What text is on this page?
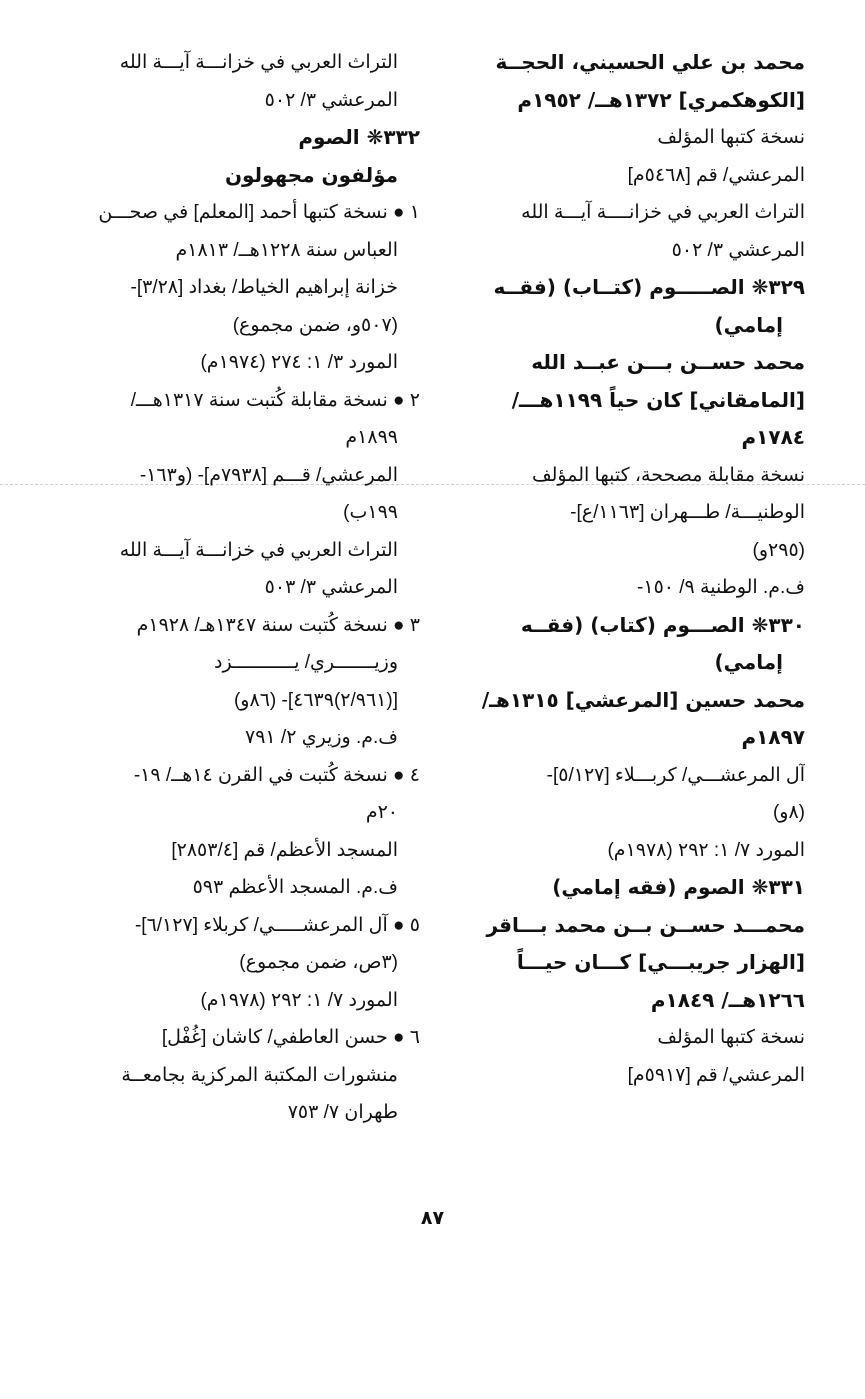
محمد بن علي الحسيني، الحجــة
[الكوهكمري] ١٣٧٢هــ/ ١٩٥٢م
نسخة كتبها المؤلف
المرعشي/ قم [٥٤٦٨م]
التراث العربي في خزانــــة آيـــة الله
المرعشي ٣/ ٥٠٢
٣٢٩❋ الصـــــوم (كتــاب) (فقــه
إمامي)
محمد حســن بـــن عبــد الله
[المامقاني] كان حياً ١١٩٩هـــ/
١٧٨٤م
نسخة مقابلة مصححة، كتبها المؤلف
الوطنيـــة/ طـــهران [١١٦٣/ع]-
(٢٩٥و)
ف.م. الوطنية ٩/ ١٥٠-
٣٣٠❋ الصـــوم (كتاب) (فقــه
إمامي)
محمد حسين [المرعشي] ١٣١٥هـ/
١٨٩٧م
آل المرعشـــي/ كربـــلاء [٥/١٢٧]-
(٨و)
المورد ٧/ ١: ٢٩٢ (١٩٧٨م)
٣٣١❋ الصوم (فقه إمامي)
محمـــد حســن بــن محمد بـــاقر
[الهزار جريبـــي] كـــان حيـــاً
١٢٦٦هــ/ ١٨٤٩م
نسخة كتبها المؤلف
المرعشي/ قم [٥٩١٧م]
التراث العربي في خزانـــة آيـــة الله
المرعشي ٣/ ٥٠٢
٣٣٢❋ الصوم
مؤلفون مجهولون
١ ● نسخة كتبها أحمد [المعلم] في صحـــن
العباس سنة ١٢٢٨هــ/ ١٨١٣م
خزانة إبراهيم الخياط/ بغداد [٣/٢٨]-
(٥٠٧و، ضمن مجموع)
المورد ٣/ ١: ٢٧٤ (١٩٧٤م)
٢ ● نسخة مقابلة كُتبت سنة ١٣١٧هـــ/
١٨٩٩م
المرعشي/ قـــم [٧٩٣٨م]- (و١٦٣-
١٩٩ب)
التراث العربي في خزانـــة آيـــة الله
المرعشي ٣/ ٥٠٣
٣ ● نسخة كُتبت سنة ١٣٤٧هـ/ ١٩٢٨م
وزيـــــــري/ يـــــــــــزد
[(٢/٩٦١)٤٦٣٩]- (٨٦و)
ف.م. وزيري ٢/ ٧٩١
٤ ● نسخة كُتبت في القرن ١٤هــ/ ١٩-
٢٠م
المسجد الأعظم/ قم [٢٨٥٣/٤]
ف.م. المسجد الأعظم ٥٩٣
٥ ● آل المرعشـــــي/ كربلاء [٦/١٢٧]-
(٣ص، ضمن مجموع)
المورد ٧/ ١: ٢٩٢ (١٩٧٨م)
٦ ● حسن العاطفي/ كاشان [غُفْل]
منشورات المكتبة المركزية بجامعــة
طهران ٧/ ٧٥٣
٨٧
